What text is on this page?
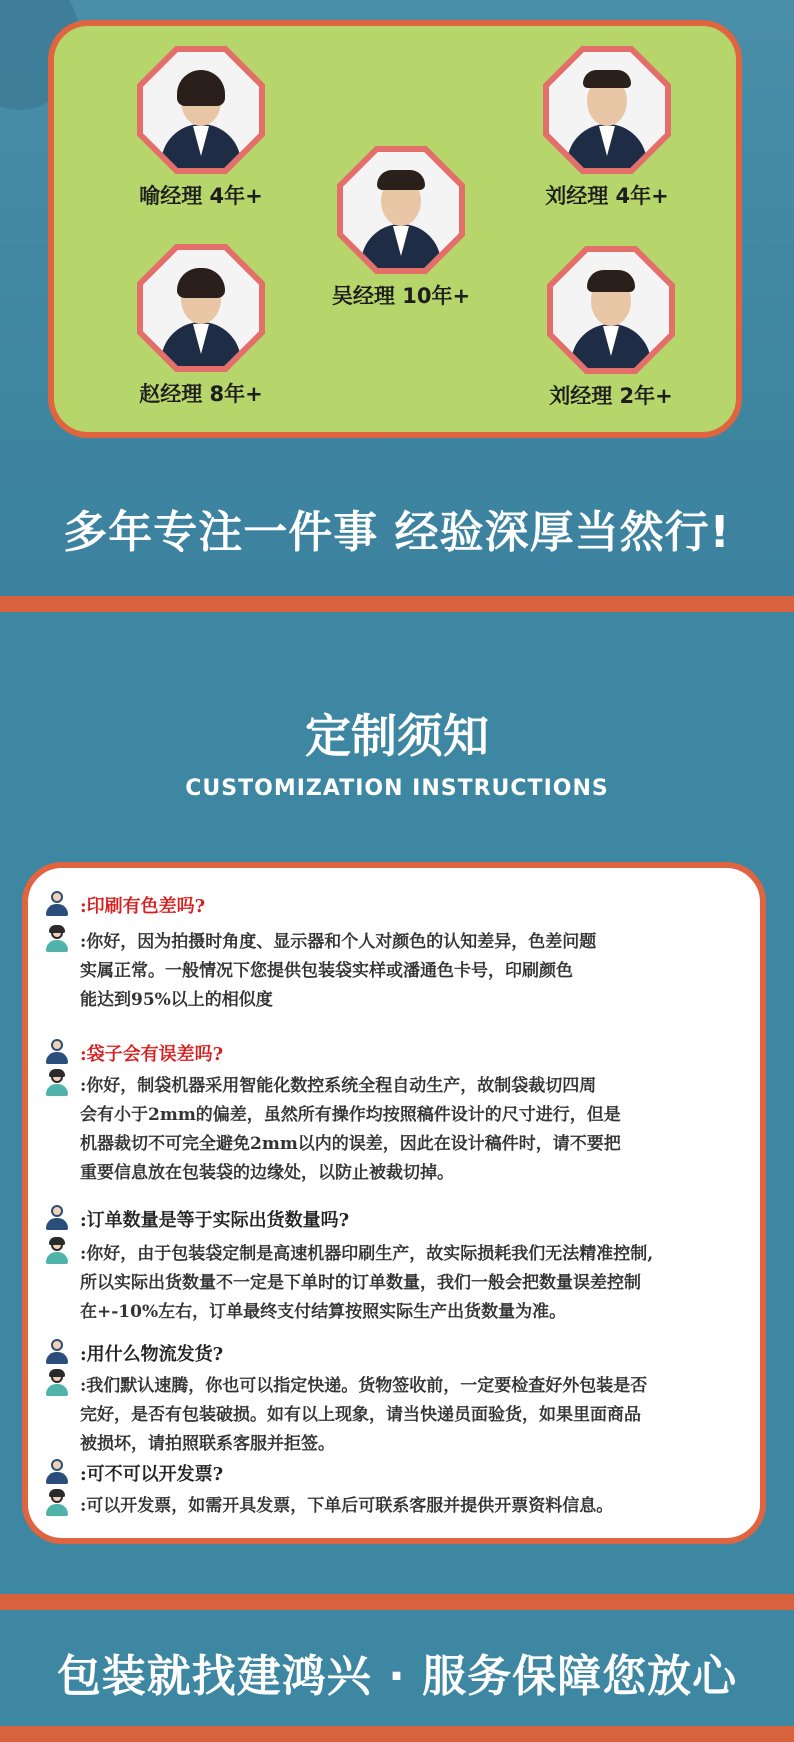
喻经理 4年+	刘经理 4年+
吴经理 10年+
赵经理 8年+	刘经理 2年+
多年专注一件事 经验深厚当然行!
定制须知
CUSTOMIZATION INSTRUCTIONS
:印刷有色差吗?
:你好，因为拍摄时角度、显示器和个人对颜色的认知差异，色差问题
实属正常。一般情况下您提供包装袋实样或潘通色卡号，印刷颜色
能达到95%以上的相似度
:袋子会有误差吗?
:你好，制袋机器采用智能化数控系统全程自动生产，故制袋裁切四周
会有小于2mm的偏差，虽然所有操作均按照稿件设计的尺寸进行，但是
机器裁切不可完全避免2mm以内的误差，因此在设计稿件时，请不要把
重要信息放在包装袋的边缘处，以防止被裁切掉。
:订单数量是等于实际出货数量吗?
:你好，由于包装袋定制是高速机器印刷生产，故实际损耗我们无法精准控制,
所以实际出货数量不一定是下单时的订单数量，我们一般会把数量误差控制
在+-10%左右，订单最终支付结算按照实际生产出货数量为准。
:用什么物流发货?
:我们默认速腾，你也可以指定快递。货物签收前，一定要检查好外包装是否
完好，是否有包装破损。如有以上现象，请当快递员面验货，如果里面商品
被损坏，请拍照联系客服并拒签。
:可不可以开发票?
:可以开发票，如需开具发票，下单后可联系客服并提供开票资料信息。
包装就找建鸿兴 · 服务保障您放心
